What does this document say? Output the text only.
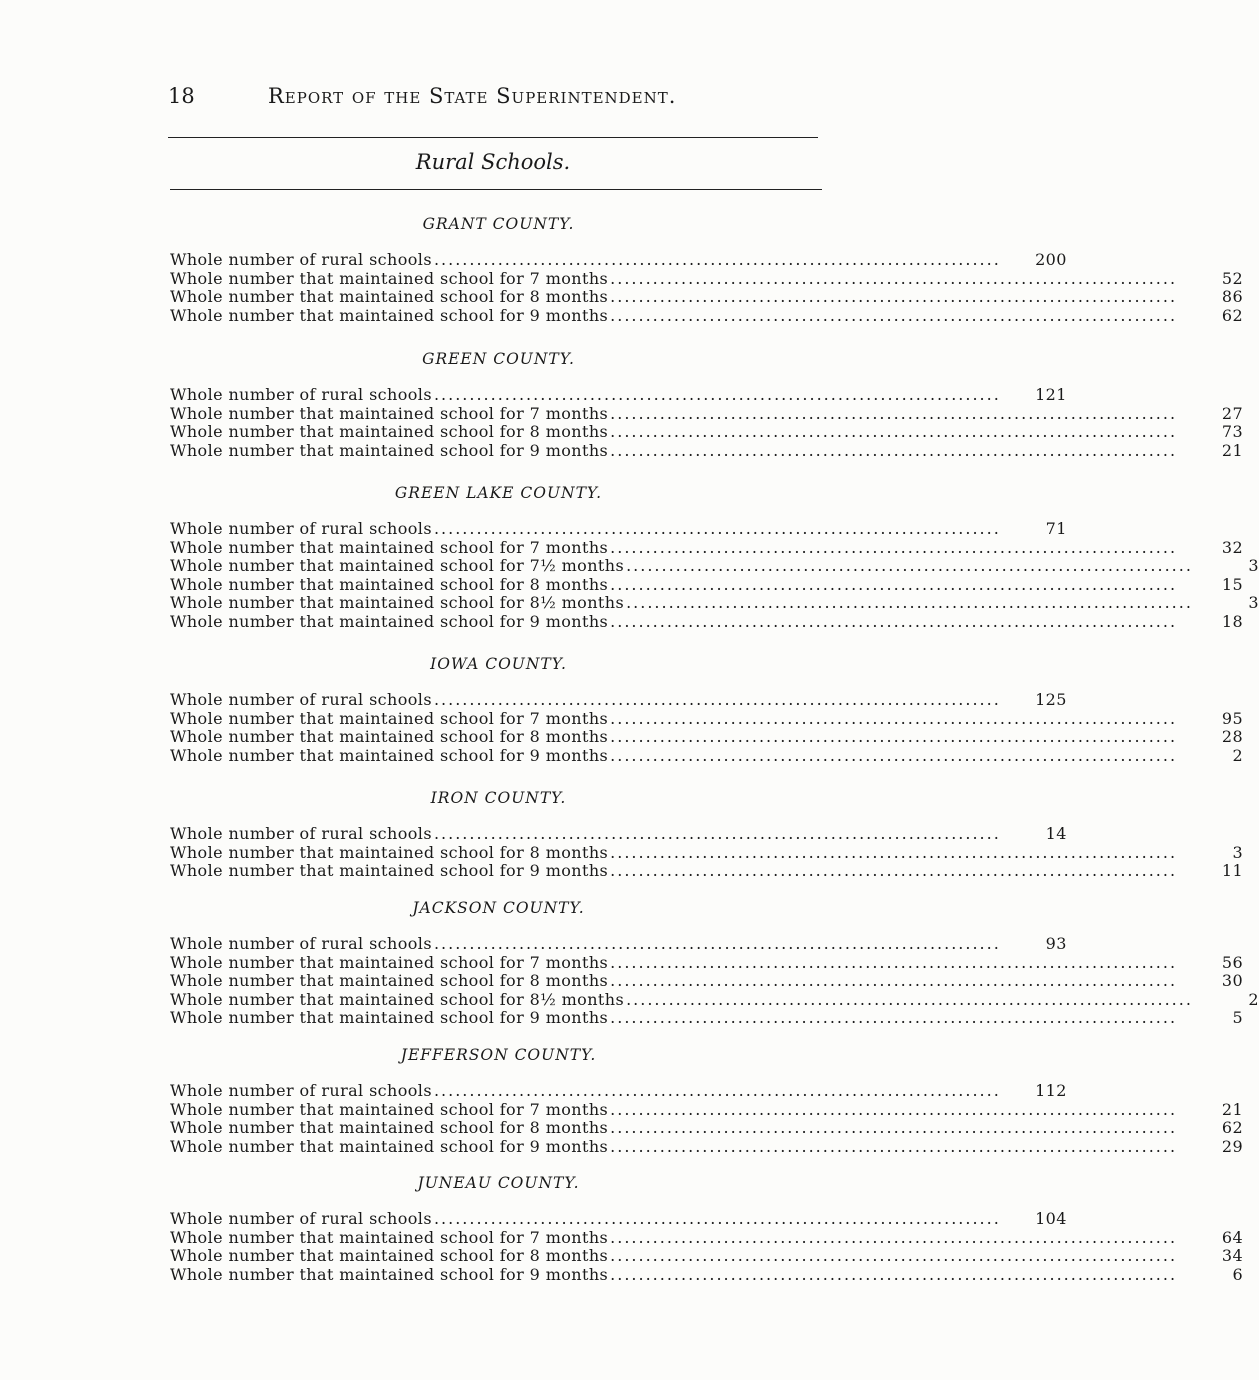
18	Report of the State Superintendent.
Rural Schools.
GRANT COUNTY.
Whole number of rural schools ................................................................................	200
Whole number that maintained school for 7 months ................................................................................	52
Whole number that maintained school for 8 months ................................................................................	86
Whole number that maintained school for 9 months ................................................................................	62
GREEN COUNTY.
Whole number of rural schools ................................................................................	121
Whole number that maintained school for 7 months ................................................................................	27
Whole number that maintained school for 8 months ................................................................................	73
Whole number that maintained school for 9 months ................................................................................	21
GREEN LAKE COUNTY.
Whole number of rural schools ................................................................................	71
Whole number that maintained school for 7 months ................................................................................	32
Whole number that maintained school for 7½ months ................................................................................	3
Whole number that maintained school for 8 months ................................................................................	15
Whole number that maintained school for 8½ months ................................................................................	3
Whole number that maintained school for 9 months ................................................................................	18
IOWA COUNTY.
Whole number of rural schools ................................................................................	125
Whole number that maintained school for 7 months ................................................................................	95
Whole number that maintained school for 8 months ................................................................................	28
Whole number that maintained school for 9 months ................................................................................	2
IRON COUNTY.
Whole number of rural schools ................................................................................	14
Whole number that maintained school for 8 months ................................................................................	3
Whole number that maintained school for 9 months ................................................................................	11
JACKSON COUNTY.
Whole number of rural schools ................................................................................	93
Whole number that maintained school for 7 months ................................................................................	56
Whole number that maintained school for 8 months ................................................................................	30
Whole number that maintained school for 8½ months ................................................................................	2
Whole number that maintained school for 9 months ................................................................................	5
JEFFERSON COUNTY.
Whole number of rural schools ................................................................................	112
Whole number that maintained school for 7 months ................................................................................	21
Whole number that maintained school for 8 months ................................................................................	62
Whole number that maintained school for 9 months ................................................................................	29
JUNEAU COUNTY.
Whole number of rural schools ................................................................................	104
Whole number that maintained school for 7 months ................................................................................	64
Whole number that maintained school for 8 months ................................................................................	34
Whole number that maintained school for 9 months ................................................................................	6
